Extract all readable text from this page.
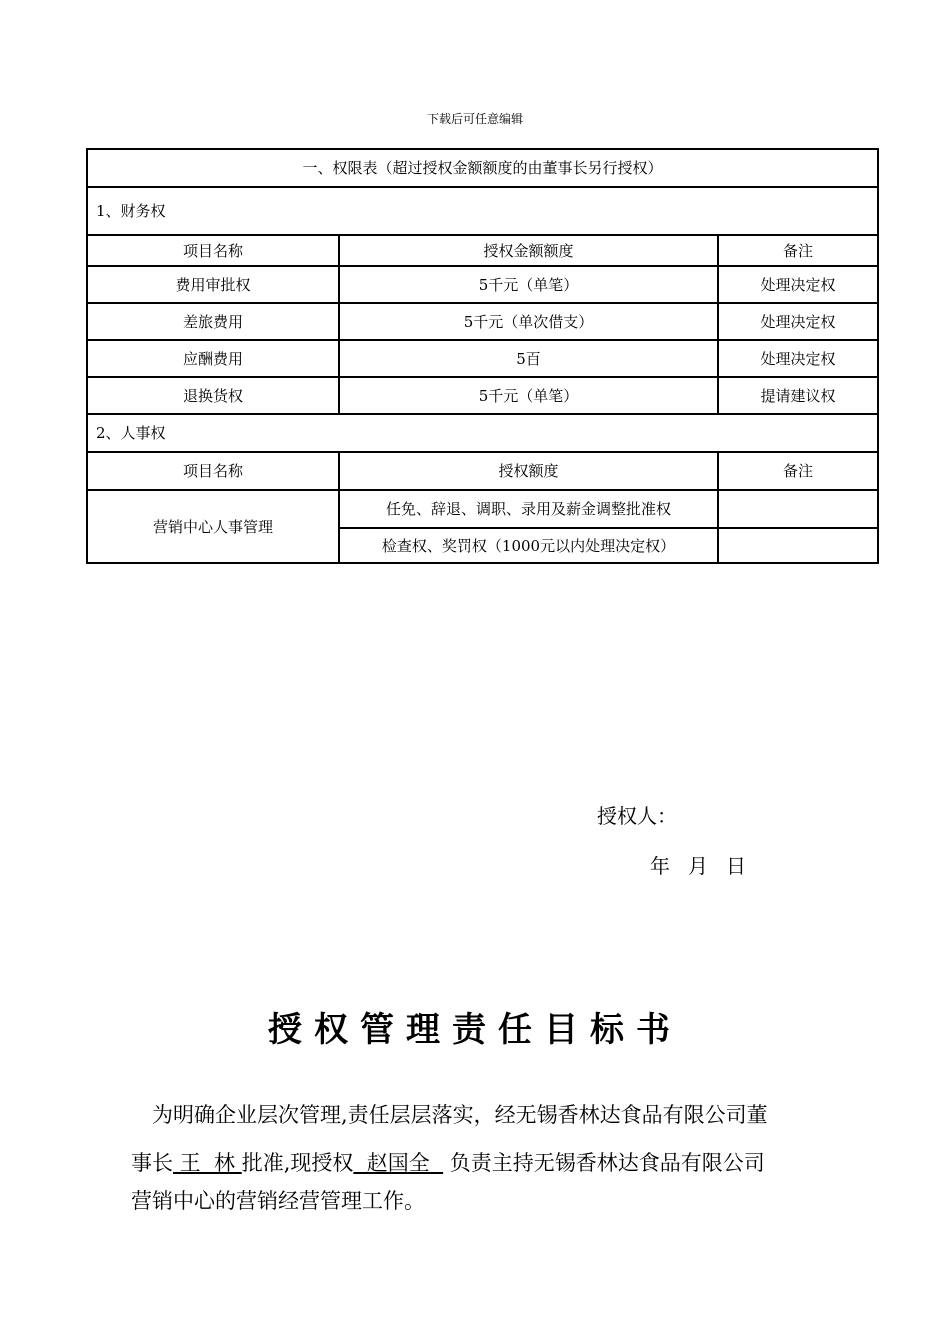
下载后可任意编辑
一、权限表（超过授权金额额度的由董事长另行授权）		
1、财务权		
项目名称	授权金额额度	备注
费用审批权	5千元（单笔）	处理决定权
差旅费用	5千元（单次借支）	处理决定权
应酬费用	5百	处理决定权
退换货权	5千元（单笔）	提请建议权
2、人事权		
项目名称	授权额度	备注
营销中心人事管理	任免、辞退、调职、录用及薪金调整批准权	
	检查权、奖罚权（1000元以内处理决定权）	
授权人：
年 月 日
授权管理责任目标书

为明确企业层次管理,责任层层落实，经无锡香林达食品有限公司董

事长 王  林 批准,现授权  赵国全   负责主持无锡香林达食品有限公司

营销中心的营销经营管理工作。
